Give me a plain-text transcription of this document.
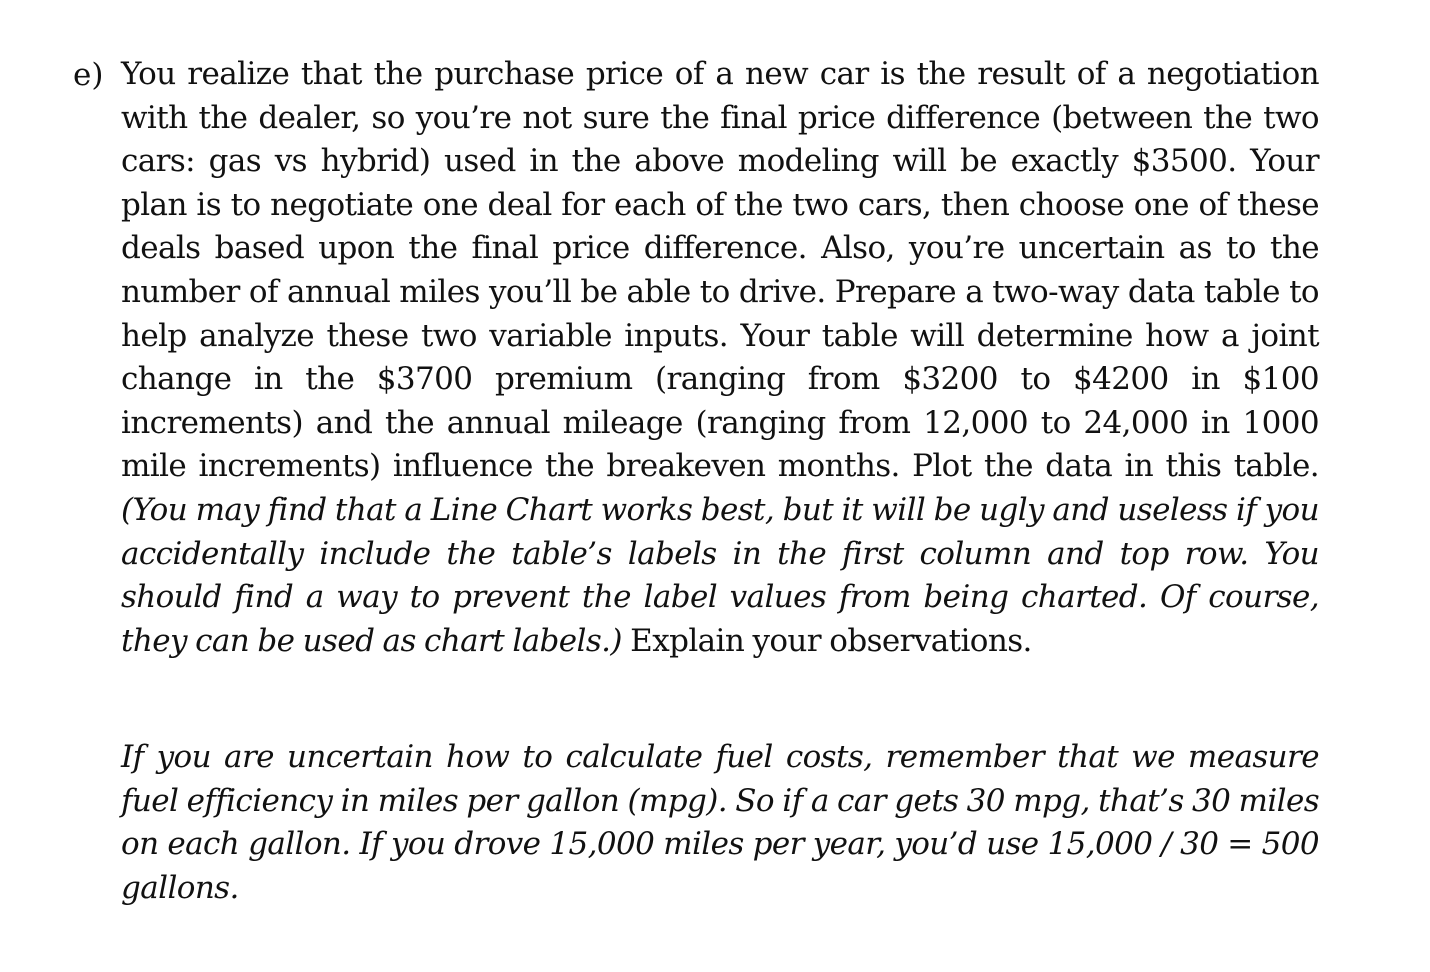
e) You realize that the purchase price of a new car is the result of a negotiation with the dealer, so you’re not sure the final price difference (between the two cars: gas vs hybrid) used in the above modeling will be exactly $3500. Your plan is to negotiate one deal for each of the two cars, then choose one of these deals based upon the final price difference. Also, you’re uncertain as to the number of annual miles you’ll be able to drive. Prepare a two-way data table to help analyze these two variable inputs. Your table will determine how a joint change in the $3700 premium (ranging from $3200 to $4200 in $100 increments) and the annual mileage (ranging from 12,000 to 24,000 in 1000 mile increments) influence the breakeven months. Plot the data in this table. (You may find that a Line Chart works best, but it will be ugly and useless if you accidentally include the table’s labels in the first column and top row. You should find a way to prevent the label values from being charted. Of course, they can be used as chart labels.) Explain your observations.

If you are uncertain how to calculate fuel costs, remember that we measure fuel efficiency in miles per gallon (mpg). So if a car gets 30 mpg, that’s 30 miles on each gallon. If you drove 15,000 miles per year, you’d use 15,000 / 30 = 500 gallons.
